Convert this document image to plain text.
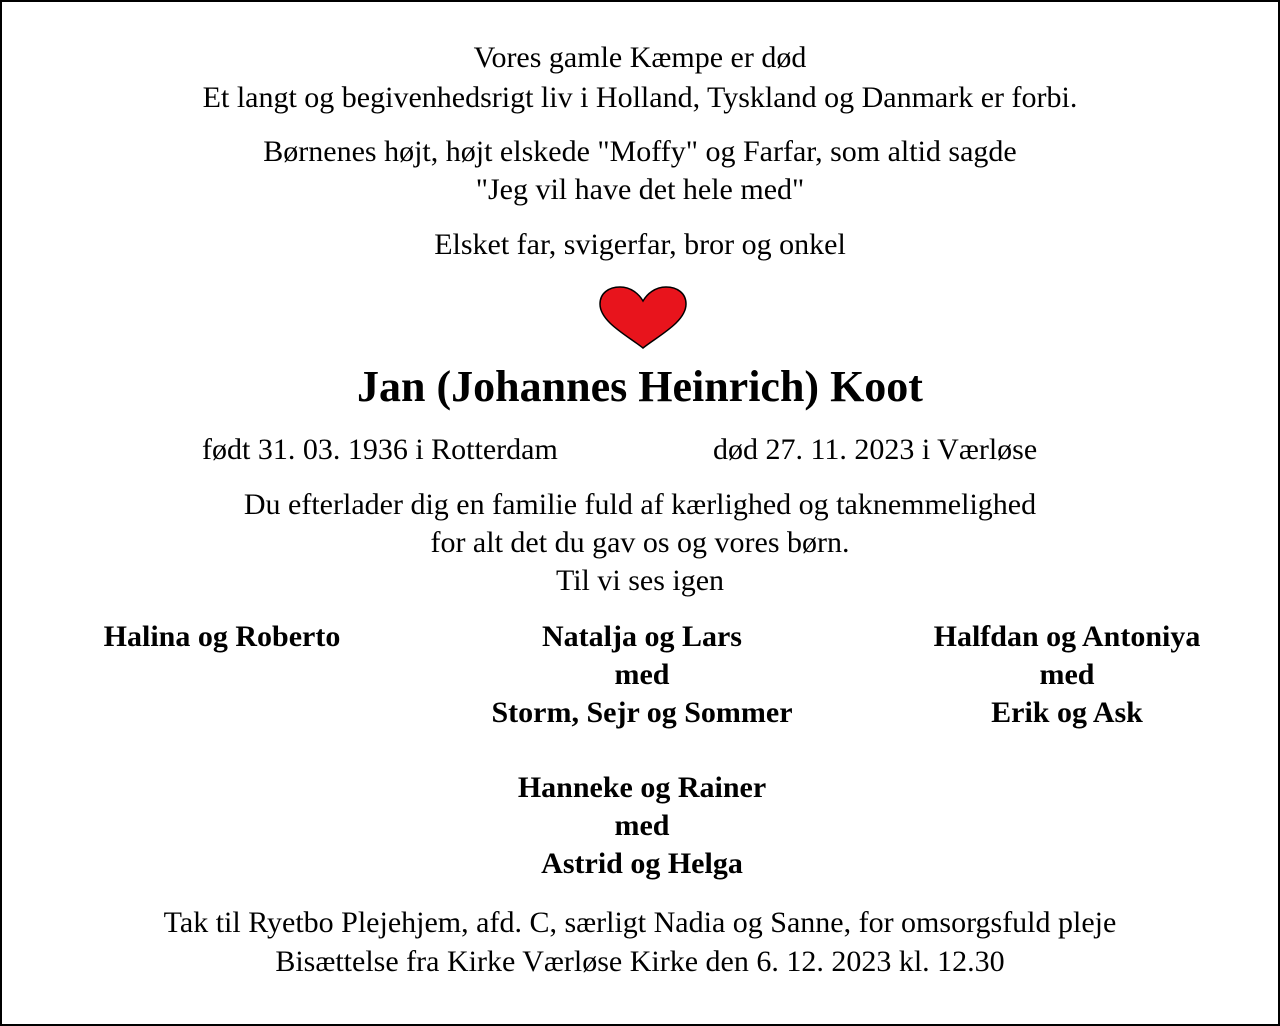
Vores gamle Kæmpe er død
Et langt og begivenhedsrigt liv i Holland, Tyskland og Danmark er forbi.
Børnenes højt, højt elskede "Moffy" og Farfar, som altid sagde
"Jeg vil have det hele med"
Elsket far, svigerfar, bror og onkel
Jan (Johannes Heinrich) Koot
født 31. 03. 1936 i Rotterdam	død 27. 11. 2023 i Værløse
Du efterlader dig en familie fuld af kærlighed og taknemmelighed
for alt det du gav os og vores børn.
Til vi ses igen
Halina og Roberto	Natalja og Lars
med
Storm, Sejr og Sommer
Halfdan og Antoniya
med
Erik og Ask
Hanneke og Rainer
med
Astrid og Helga
Tak til Ryetbo Plejehjem, afd. C, særligt Nadia og Sanne, for omsorgsfuld pleje
Bisættelse fra Kirke Værløse Kirke den 6. 12. 2023 kl. 12.30
